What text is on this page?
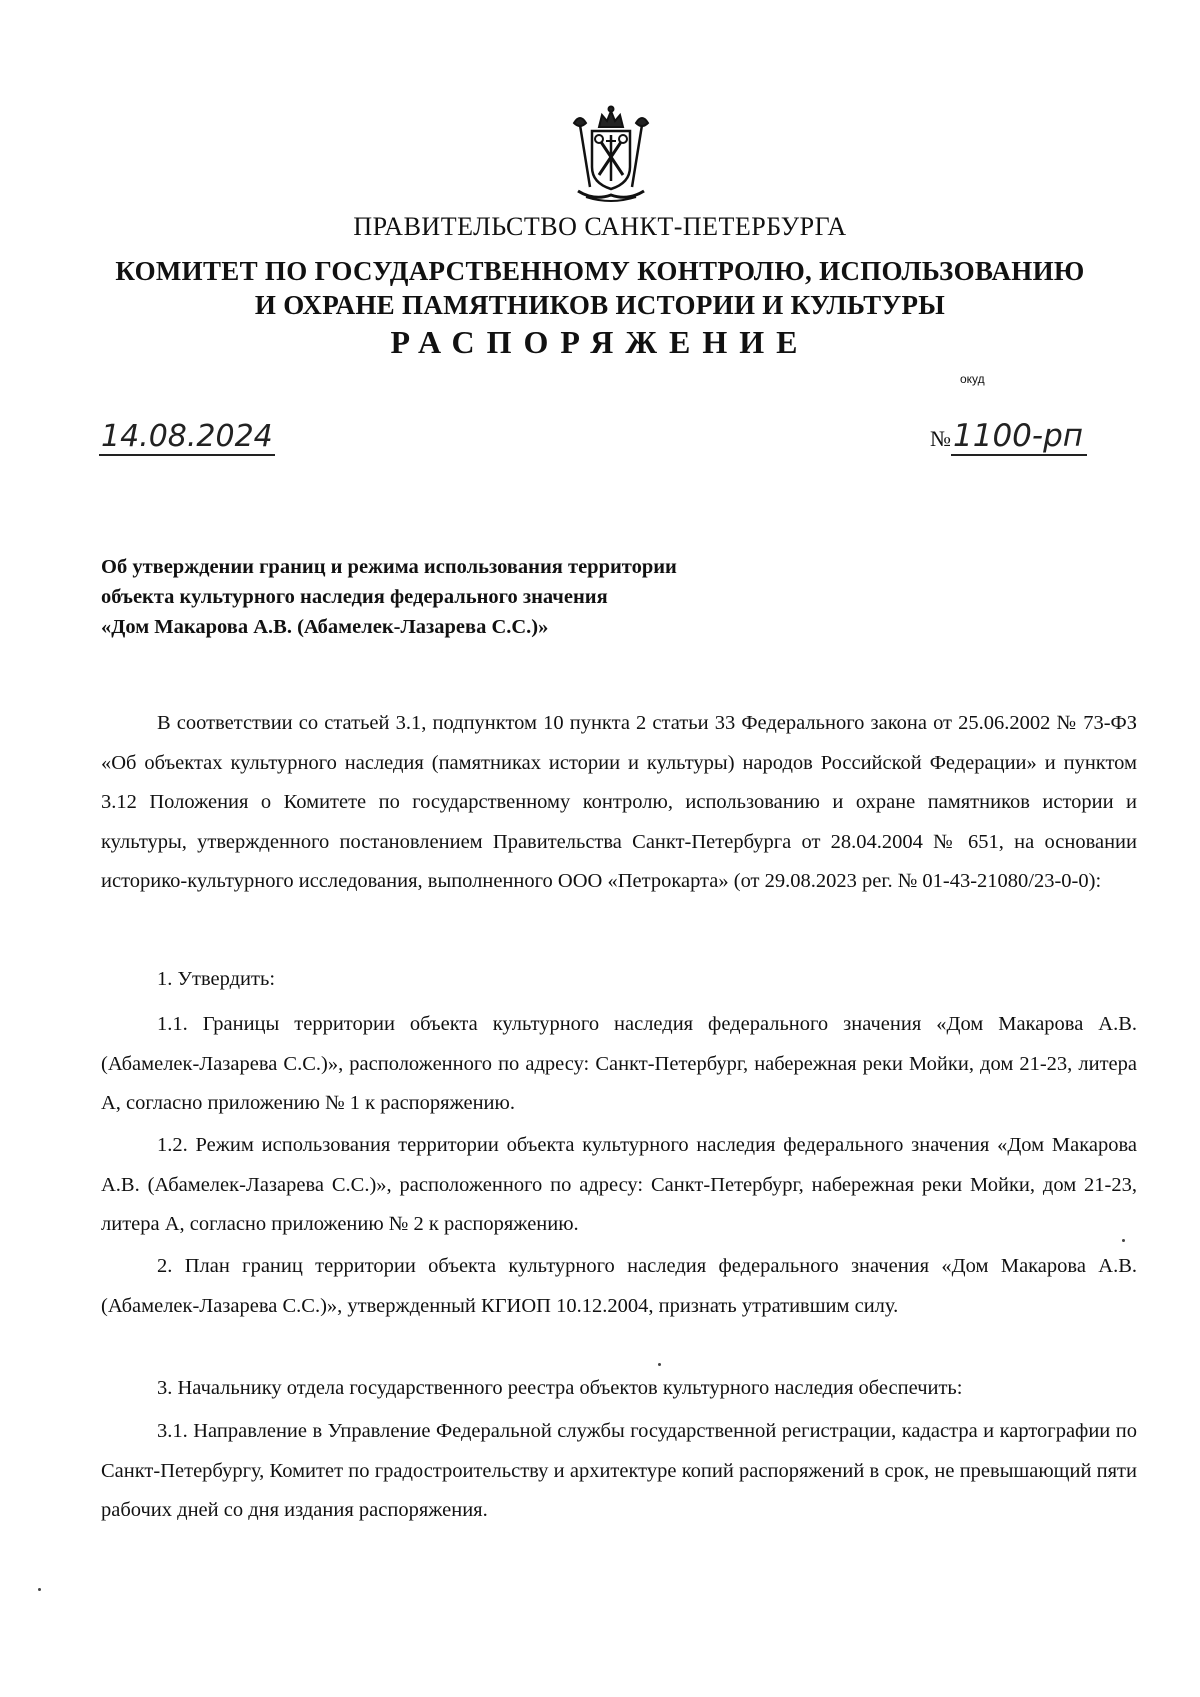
ПРАВИТЕЛЬСТВО САНКТ-ПЕТЕРБУРГА
КОМИТЕТ ПО ГОСУДАРСТВЕННОМУ КОНТРОЛЮ, ИСПОЛЬЗОВАНИЮ
И ОХРАНЕ ПАМЯТНИКОВ ИСТОРИИ И КУЛЬТУРЫ
РАСПОРЯЖЕНИЕ
окуд
14.08.2024	№1100-рп
Об утверждении границ и режима использования территории
объекта культурного наследия федерального значения
«Дом Макарова А.В. (Абамелек-Лазарева С.С.)»

В соответствии со статьей 3.1, подпунктом 10 пункта 2 статьи 33 Федерального закона от 25.06.2002 № 73-ФЗ «Об объектах культурного наследия (памятниках истории и культуры) народов Российской Федерации» и пунктом 3.12 Положения о Комитете по государственному контролю, использованию и охране памятников истории и культуры, утвержденного постановлением Правительства Санкт-Петербурга от 28.04.2004 № 651, на основании историко-культурного исследования, выполненного ООО «Петрокарта» (от 29.08.2023 рег. № 01-43-21080/23-0-0):

1. Утвердить:

1.1. Границы территории объекта культурного наследия федерального значения «Дом Макарова А.В. (Абамелек-Лазарева С.С.)», расположенного по адресу: Санкт-Петербург, набережная реки Мойки, дом 21-23, литера А, согласно приложению № 1 к распоряжению.

1.2. Режим использования территории объекта культурного наследия федерального значения «Дом Макарова А.В. (Абамелек-Лазарева С.С.)», расположенного по адресу: Санкт-Петербург, набережная реки Мойки, дом 21-23, литера А, согласно приложению № 2 к распоряжению.

2. План границ территории объекта культурного наследия федерального значения «Дом Макарова А.В. (Абамелек-Лазарева С.С.)», утвержденный КГИОП 10.12.2004, признать утратившим силу.

3. Начальнику отдела государственного реестра объектов культурного наследия обеспечить:

3.1. Направление в Управление Федеральной службы государственной регистрации, кадастра и картографии по Санкт-Петербургу, Комитет по градостроительству и архитектуре копий распоряжений в срок, не превышающий пяти рабочих дней со дня издания распоряжения.
